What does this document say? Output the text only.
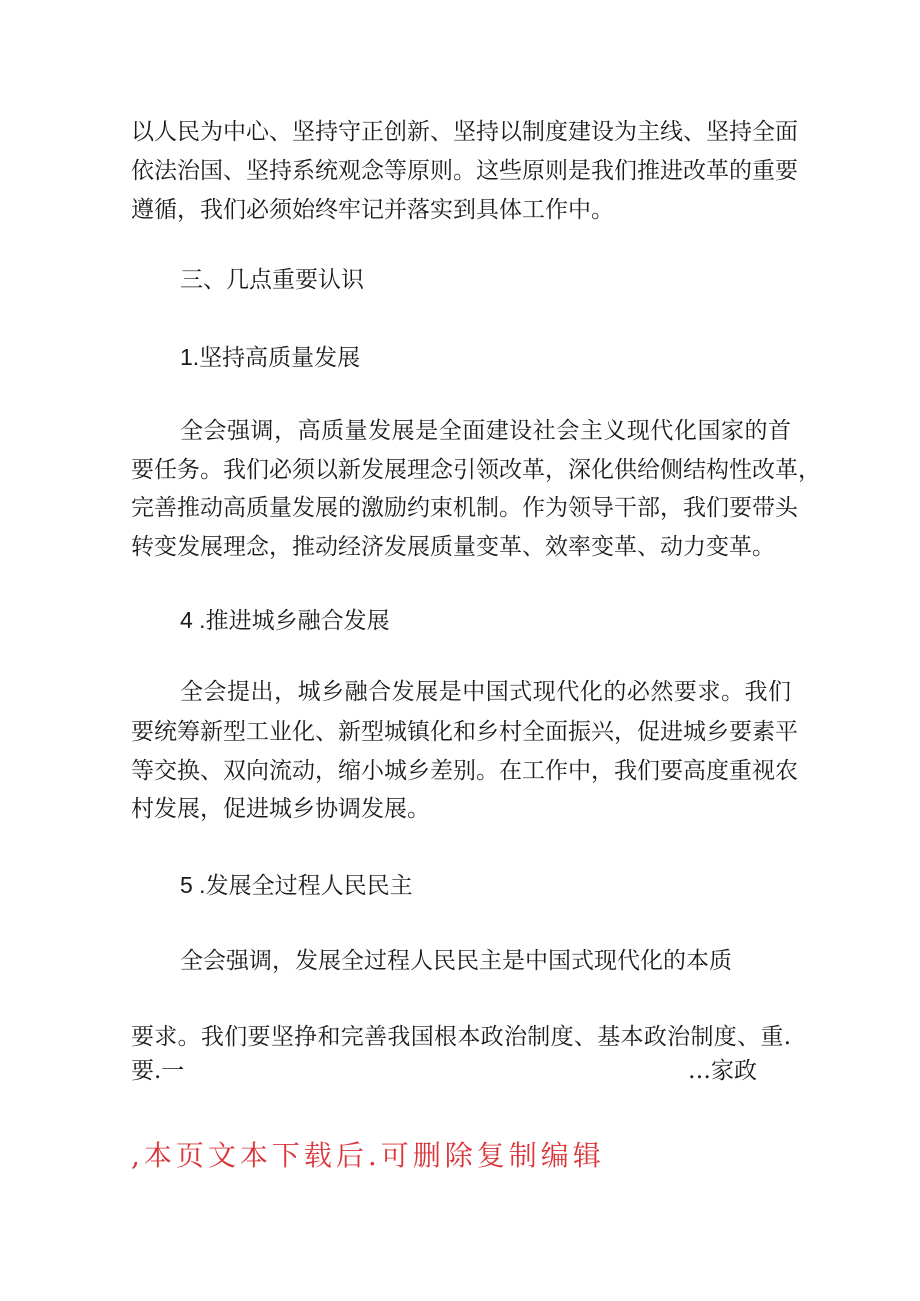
以人民为中心、坚持守正创新、坚持以制度建设为主线、坚持全面
依法治国、坚持系统观念等原则。这些原则是我们推进改革的重要
遵循，我们必须始终牢记并落实到具体工作中。
三、几点重要认识
1.坚持高质量发展
全会强调，高质量发展是全面建设社会主义现代化国家的首
要任务。我们必须以新发展理念引领改革，深化供给侧结构性改革，
完善推动高质量发展的激励约束机制。作为领导干部，我们要带头
转变发展理念，推动经济发展质量变革、效率变革、动力变革。
4 .推进城乡融合发展
全会提出，城乡融合发展是中国式现代化的必然要求。我们
要统筹新型工业化、新型城镇化和乡村全面振兴，促进城乡要素平
等交换、双向流动，缩小城乡差别。在工作中，我们要高度重视农
村发展，促进城乡协调发展。
5 .发展全过程人民民主
全会强调，发展全过程人民民主是中国式现代化的本质
要求。我们要坚挣和完善我国根本政治制度、基本政治制度、重.
要.一	…家政
,本页文本下载后.可删除复制编辑
